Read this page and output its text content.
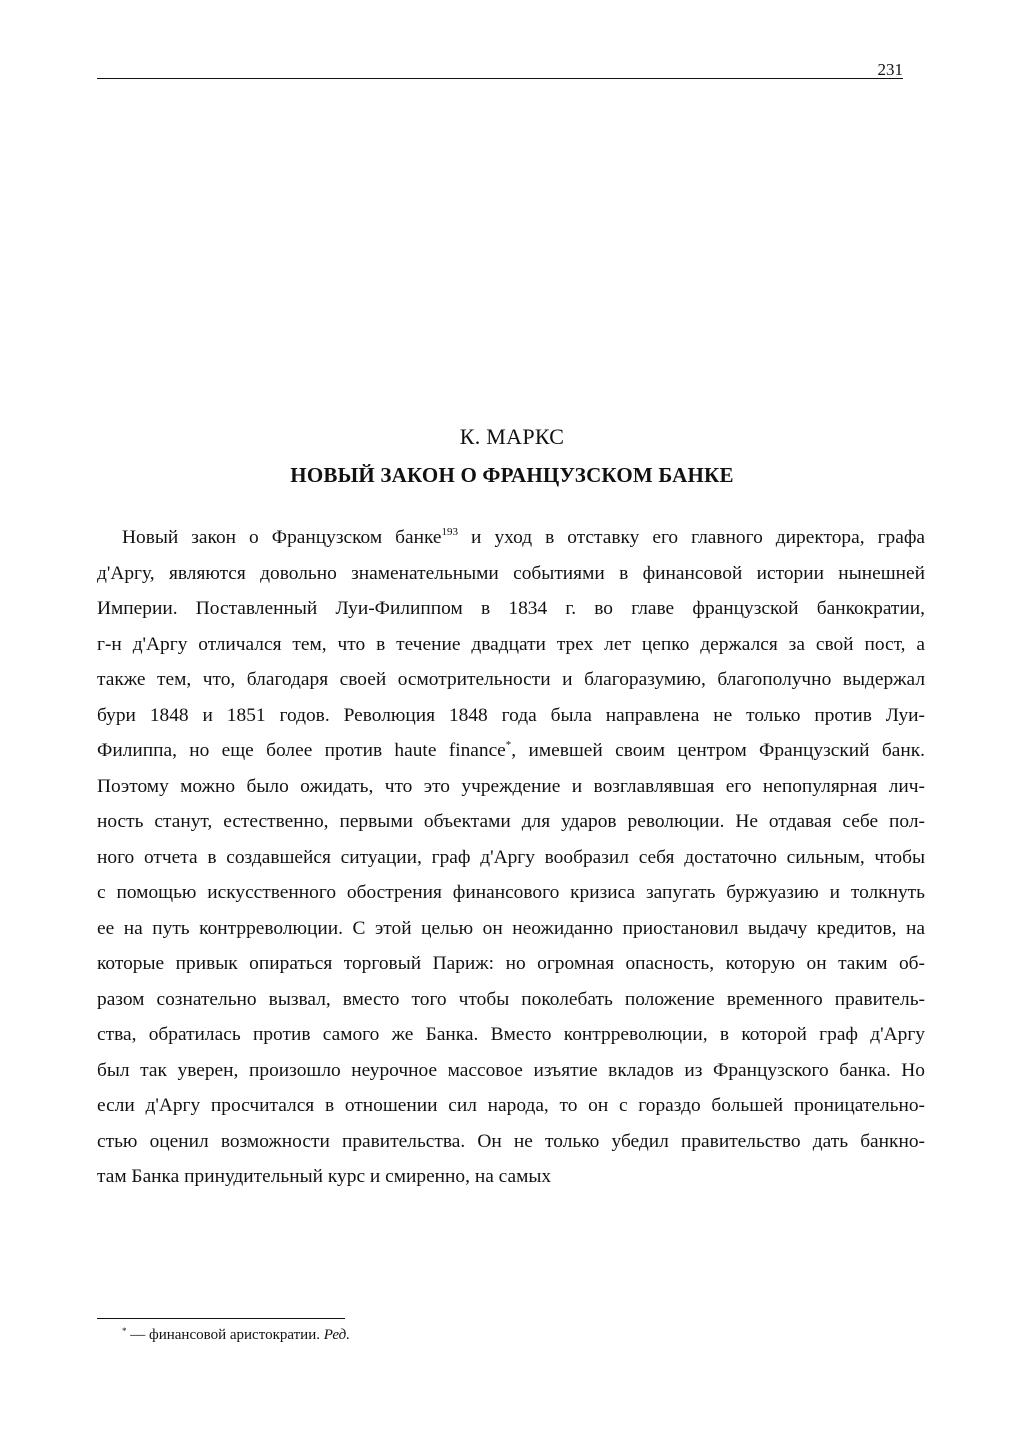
231
К. МАРКС
НОВЫЙ ЗАКОН О ФРАНЦУЗСКОМ БАНКЕ
Новый закон о Французском банке$^{193}$ и уход в отставку его главного директора, графа
д'Аргу, являются довольно знаменательными событиями в финансовой истории нынешней
Империи. Поставленный Луи-Филиппом в 1834 г. во главе французской банкократии,
г-н д'Аргу отличался тем, что в течение двадцати трех лет цепко держался за свой пост, а
также тем, что, благодаря своей осмотрительности и благоразумию, благополучно выдержал
бури 1848 и 1851 годов. Революция 1848 года была направлена не только против Луи-
Филиппа, но еще более против haute finance*, имевшей своим центром Французский банк.
Поэтому можно было ожидать, что это учреждение и возглавлявшая его непопулярная лич-
ность станут, естественно, первыми объектами для ударов революции. Не отдавая себе пол-
ного отчета в создавшейся ситуации, граф д'Аргу вообразил себя достаточно сильным, чтобы
с помощью искусственного обострения финансового кризиса запугать буржуазию и толкнуть
ее на путь контрреволюции. С этой целью он неожиданно приостановил выдачу кредитов, на
которые привык опираться торговый Париж: но огромная опасность, которую он таким об-
разом сознательно вызвал, вместо того чтобы поколебать положение временного правитель-
ства, обратилась против самого же Банка. Вместо контрреволюции, в которой граф д'Аргу
был так уверен, произошло неурочное массовое изъятие вкладов из Французского банка. Но
если д'Аргу просчитался в отношении сил народа, то он с гораздо большей проницательно-
стью оценил возможности правительства. Он не только убедил правительство дать банкно-
там Банка принудительный курс и смиренно, на самых
* — финансовой аристократии. Ред.
